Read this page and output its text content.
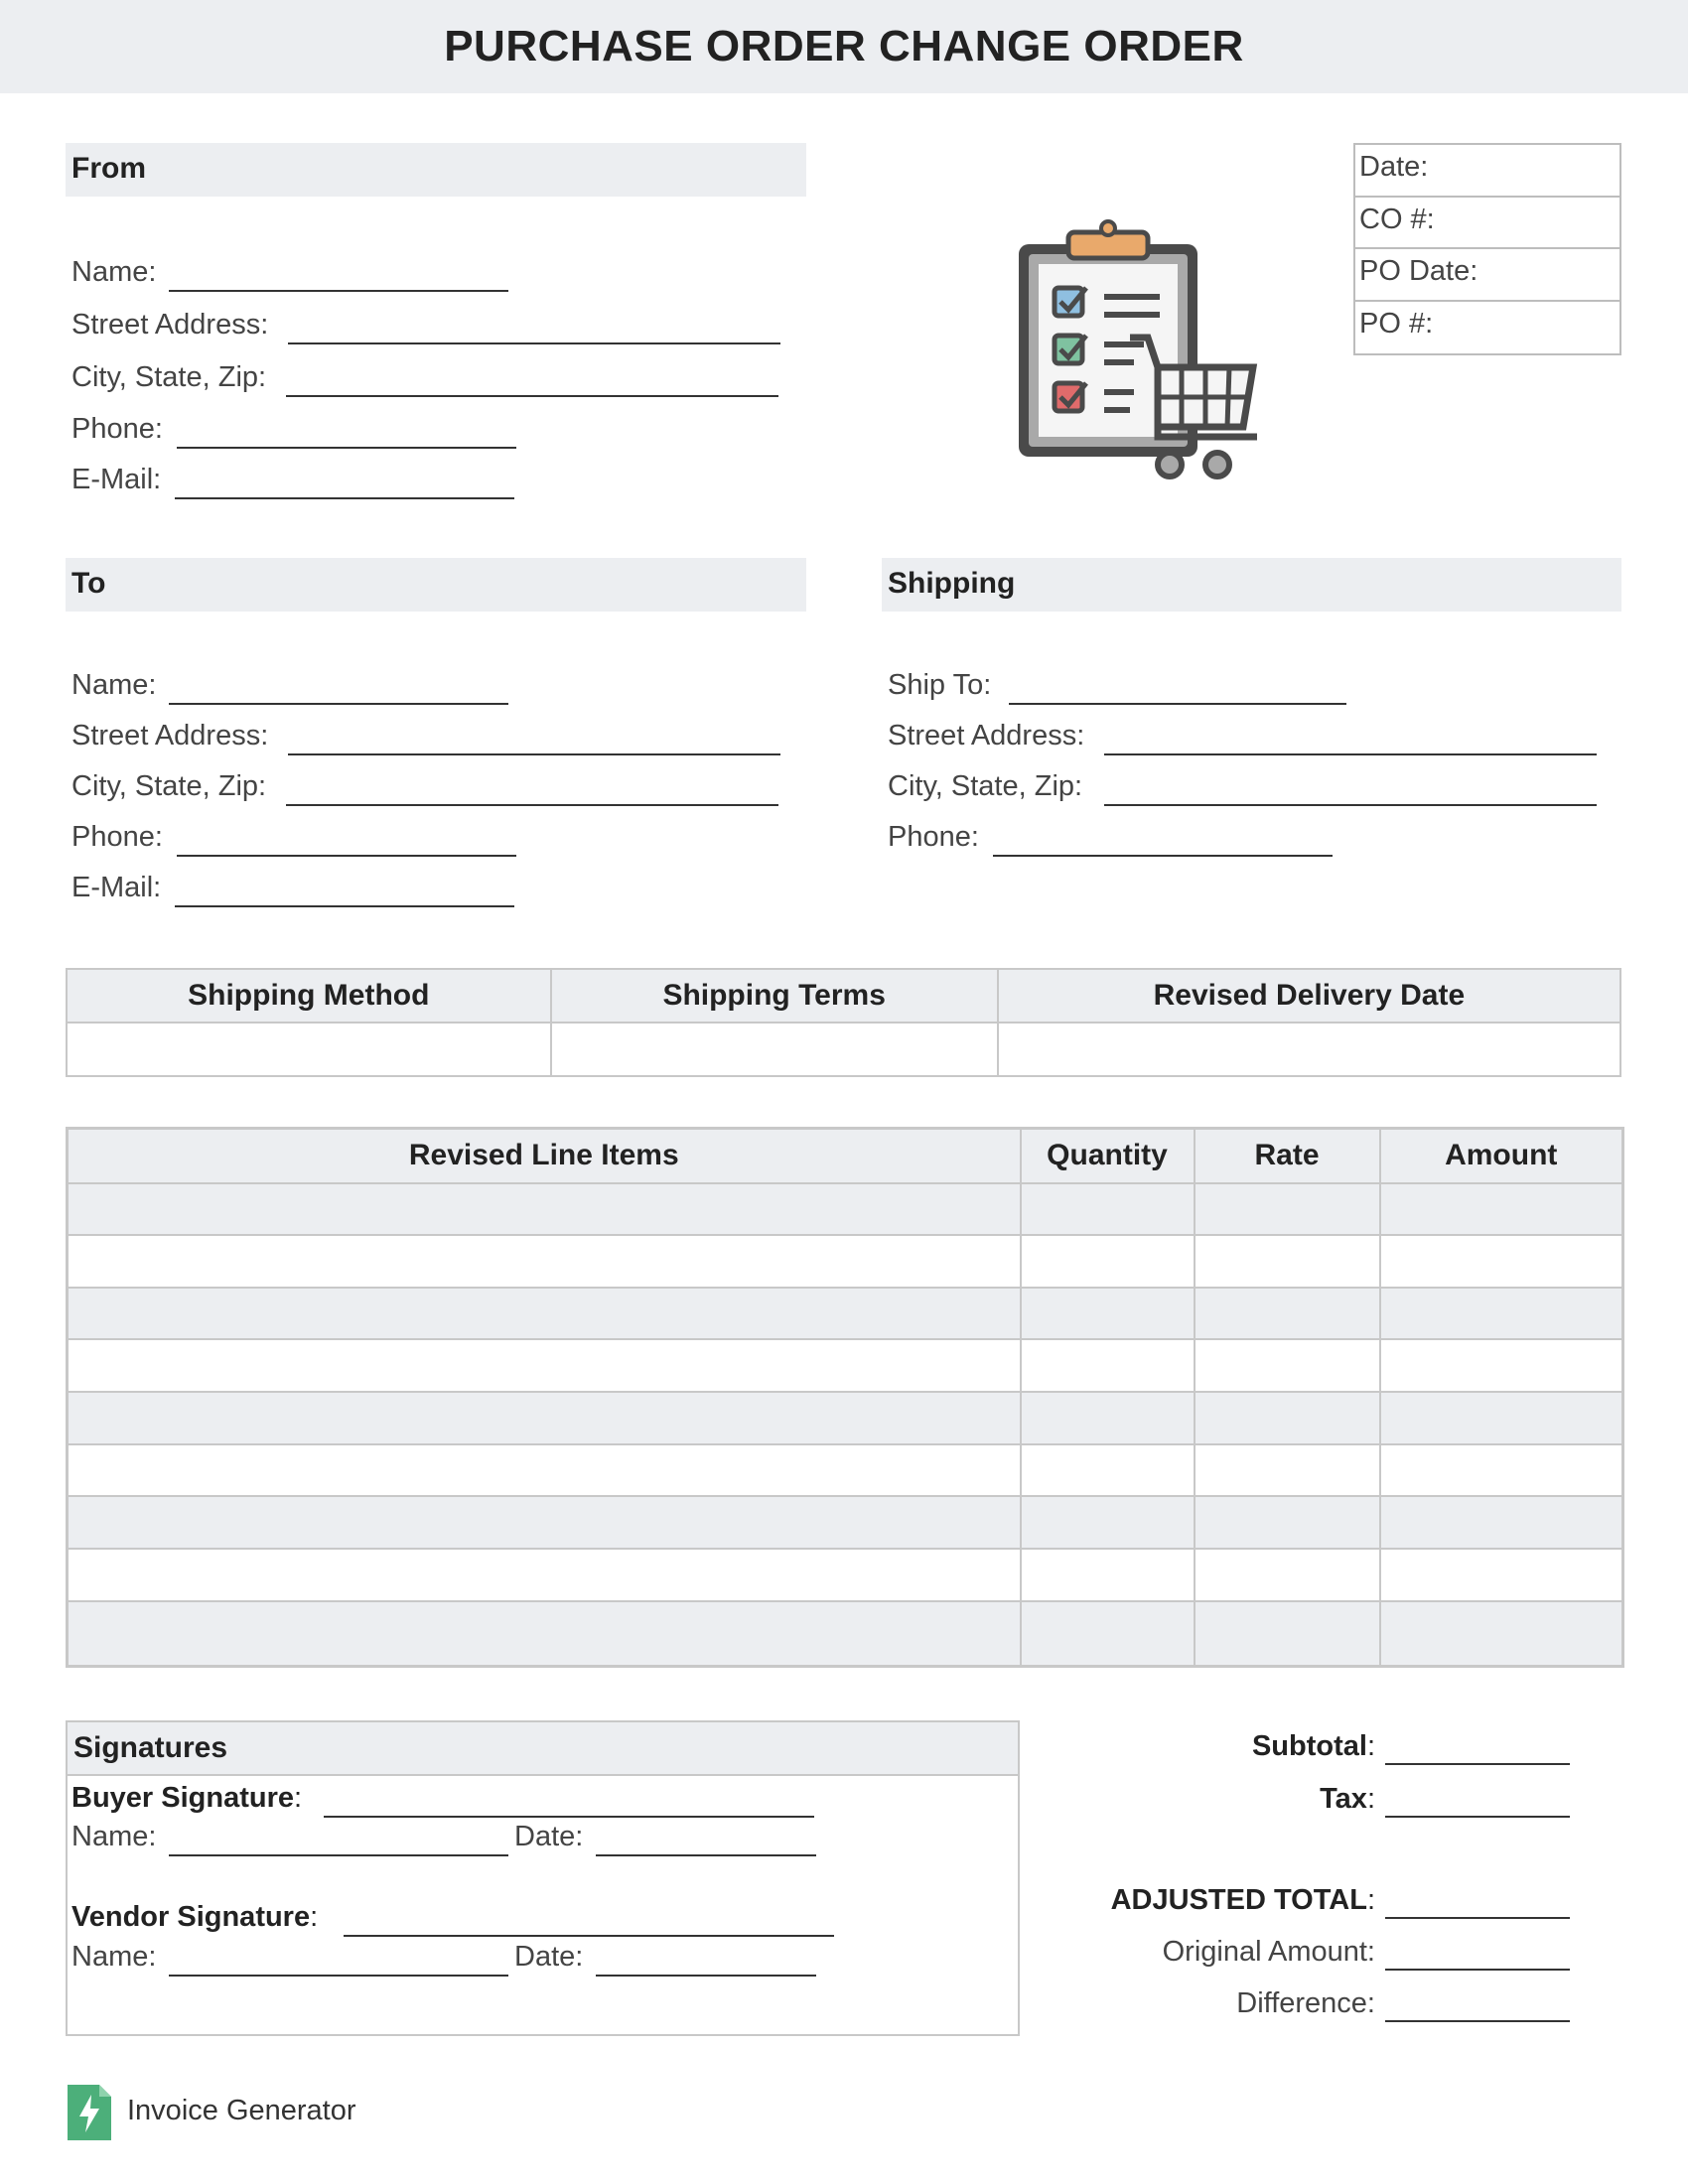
PURCHASE ORDER CHANGE ORDER
From
Name:
Street Address:
City, State, Zip:
Phone:
E-Mail:
Date:
CO #:
PO Date:
PO #:
To
Name:
Street Address:
City, State, Zip:
Phone:
E-Mail:
Shipping
Ship To:
Street Address:
City, State, Zip:
Phone:
Shipping Method	Shipping Terms	Revised Delivery Date

Revised Line Items	Quantity	Rate	Amount

Signatures
Buyer Signature:
Name:	Date:
Vendor Signature:
Name:	Date:
Subtotal:
Tax:
ADJUSTED TOTAL:
Original Amount:
Difference:
Invoice Generator
